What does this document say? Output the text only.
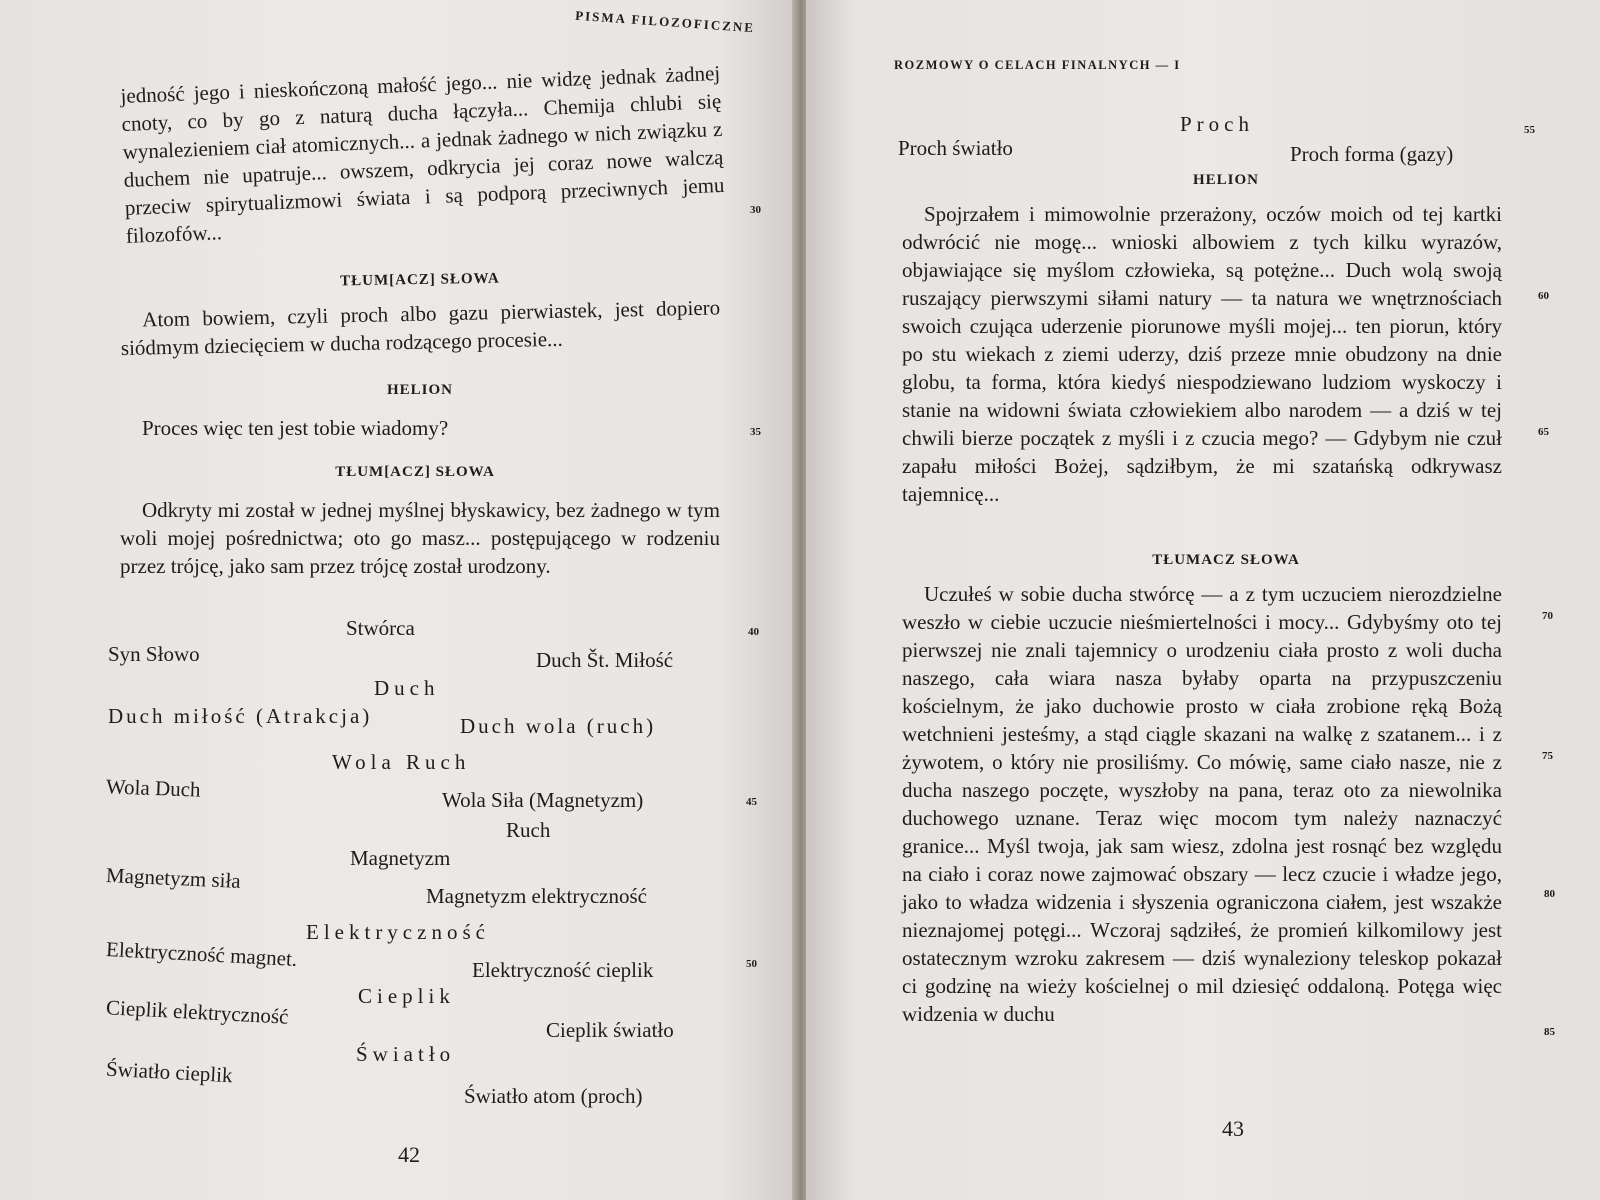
PISMA FILOZOFICZNE

jedność jego i nieskończoną małość jego... nie widzę jednak żadnej cnoty, co by go z naturą ducha łączyła... Chemija chlubi się wynalezieniem ciał atomicznych... a jednak żadnego w nich związku z duchem nie upatruje... owszem, odkrycia jej coraz nowe walczą przeciw spirytualizmowi świata i są podporą przeciwnych jemu filozofów...

30
TŁUM[ACZ] SŁOWA

Atom bowiem, czyli proch albo gazu pierwiastek, jest dopiero siódmym dziecięciem w ducha rodzącego procesie...

HELION

Proces więc ten jest tobie wiadomy?	35
TŁUM[ACZ] SŁOWA

Odkryty mi został w jednej myślnej błyskawicy, bez żadnego w tym woli mojej pośrednictwa; oto go masz... postępującego w rodzeniu przez trójcę, jako sam przez trójcę został urodzony.

Stwórca	40
Syn Słowo	Duch Št. Miłość
Duch
Duch miłość (Atrakcja)	Duch wola (ruch)
Wola Ruch
Wola Duch	Wola Siła (Magnetyzm)	45
Ruch
Magnetyzm
Magnetyzm siła
Magnetyzm elektryczność
Elektryczność
Elektryczność magnet.	Elektryczność cieplik	50
Cieplik
Cieplik elektryczność
Cieplik światło
Światło
Światło cieplik
Światło atom (proch)
42
ROZMOWY O CELACH FINALNYCH — I
Proch	55
Proch światło	Proch forma (gazy)
HELION

Spojrzałem i mimowolnie przerażony, oczów moich od tej kartki odwrócić nie mogę... wnioski albowiem z tych kilku wyrazów, objawiające się myślom człowieka, są potężne... Duch wolą swoją ruszający pierwszymi siłami natury — ta natura we wnętrznościach swoich czująca uderzenie piorunowe myśli mojej... ten piorun, który po stu wiekach z ziemi uderzy, dziś przeze mnie obudzony na dnie globu, ta forma, która kiedyś niespodziewano ludziom wyskoczy i stanie na widowni świata człowiekiem albo narodem — a dziś w tej chwili bierze początek z myśli i z czucia mego? — Gdybym nie czuł zapału miłości Bożej, sądziłbym, że mi szatańską odkrywasz tajemnicę...

60
65
TŁUMACZ SŁOWA

Uczułeś w sobie ducha stwórcę — a z tym uczuciem nierozdzielne weszło w ciebie uczucie nieśmiertelności i mocy... Gdybyśmy oto tej pierwszej nie znali tajemnicy o urodzeniu ciała prosto z woli ducha naszego, cała wiara nasza byłaby oparta na przypuszczeniu kościelnym, że jako duchowie prosto w ciała zrobione ręką Bożą wetchnieni jesteśmy, a stąd ciągle skazani na walkę z szatanem... i z żywotem, o który nie prosiliśmy. Co mówię, same ciało nasze, nie z ducha naszego poczęte, wyszłoby na pana, teraz oto za niewolnika duchowego uznane. Teraz więc mocom tym należy naznaczyć granice... Myśl twoja, jak sam wiesz, zdolna jest rosnąć bez względu na ciało i coraz nowe zajmować obszary — lecz czucie i władze jego, jako to władza widzenia i słyszenia ograniczona ciałem, jest wszakże nieznajomej potęgi... Wczoraj sądziłeś, że promień kilkomilowy jest ostatecznym wzroku zakresem — dziś wynaleziony teleskop pokazał ci godzinę na wieży kościelnej o mil dziesięć oddaloną. Potęga więc widzenia w duchu

70
75
80
85
43
